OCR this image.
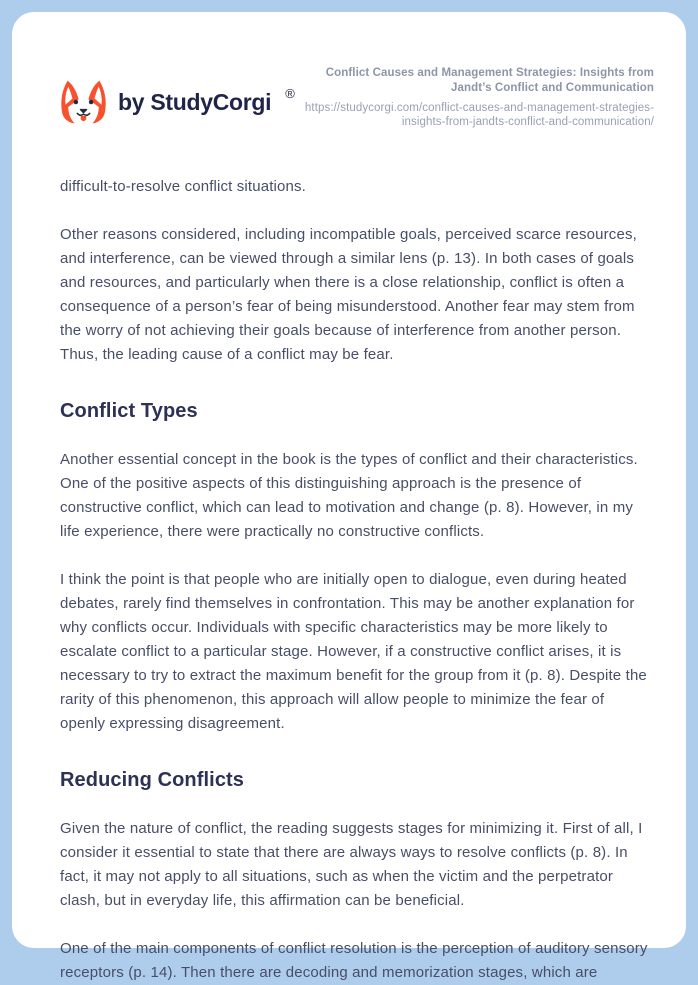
by StudyCorgi ®
Conflict Causes and Management Strategies: Insights from Jandt’s Conflict and Communication
https://studycorgi.com/conflict-causes-and-management-strategies-insights-from-jandts-conflict-and-communication/

difficult-to-resolve conflict situations.

Other reasons considered, including incompatible goals, perceived scarce resources, and interference, can be viewed through a similar lens (p. 13). In both cases of goals and resources, and particularly when there is a close relationship, conflict is often a consequence of a person’s fear of being misunderstood. Another fear may stem from the worry of not achieving their goals because of interference from another person. Thus, the leading cause of a conflict may be fear.

Conflict Types

Another essential concept in the book is the types of conflict and their characteristics. One of the positive aspects of this distinguishing approach is the presence of constructive conflict, which can lead to motivation and change (p. 8). However, in my life experience, there were practically no constructive conflicts.

I think the point is that people who are initially open to dialogue, even during heated debates, rarely find themselves in confrontation. This may be another explanation for why conflicts occur. Individuals with specific characteristics may be more likely to escalate conflict to a particular stage. However, if a constructive conflict arises, it is necessary to try to extract the maximum benefit for the group from it (p. 8). Despite the rarity of this phenomenon, this approach will allow people to minimize the fear of openly expressing disagreement.

Reducing Conflicts

Given the nature of conflict, the reading suggests stages for minimizing it. First of all, I consider it essential to state that there are always ways to resolve conflicts (p. 8). In fact, it may not apply to all situations, such as when the victim and the perpetrator clash, but in everyday life, this affirmation can be beneficial.

One of the main components of conflict resolution is the perception of auditory sensory receptors (p. 14). Then there are decoding and memorization stages, which are
